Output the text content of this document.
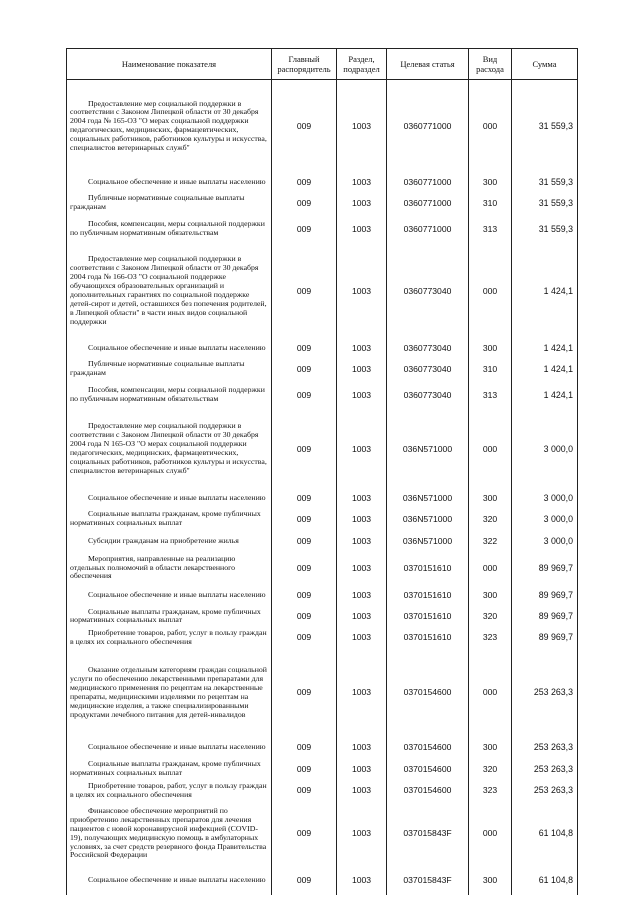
Наименование показателя	Главный распорядитель	Раздел, подраздел	Целевая статья	Вид расхода	Сумма

Предоставление мер социальной поддержки в соответствии с Законом Липецкой области от 30 декабря 2004 года № 165-ОЗ "О мерах социальной поддержки педагогических, медицинских, фармацевтических, социальных работников, работников культуры и искусства, специалистов ветеринарных служб"	009	1003	0360771000	000	31 559,3

Социальное обеспечение и иные выплаты населению	009	1003	0360771000	300	31 559,3

Публичные нормативные социальные выплаты гражданам	009	1003	0360771000	310	31 559,3

Пособия, компенсации, меры социальной поддержки по публичным нормативным обязательствам	009	1003	0360771000	313	31 559,3

Предоставление мер социальной поддержки в соответствии с Законом Липецкой области от 30 декабря 2004 года № 166-ОЗ "О социальной поддержке обучающихся образовательных организаций и дополнительных гарантиях по социальной поддержке детей-сирот и детей, оставшихся без попечения родителей, в Липецкой области" в части иных видов социальной поддержки	009	1003	0360773040	000	1 424,1

Социальное обеспечение и иные выплаты населению	009	1003	0360773040	300	1 424,1

Публичные нормативные социальные выплаты гражданам	009	1003	0360773040	310	1 424,1

Пособия, компенсации, меры социальной поддержки по публичным нормативным обязательствам	009	1003	0360773040	313	1 424,1

Предоставление мер социальной поддержки в соответствии с Законом Липецкой области от 30 декабря 2004 года N 165-ОЗ "О мерах социальной поддержки педагогических, медицинских, фармацевтических, социальных работников, работников культуры и искусства, специалистов ветеринарных служб"	009	1003	036N571000	000	3 000,0

Социальное обеспечение и иные выплаты населению	009	1003	036N571000	300	3 000,0

Социальные выплаты гражданам, кроме публичных нормативных социальных выплат	009	1003	036N571000	320	3 000,0

Субсидии гражданам на приобретение жилья	009	1003	036N571000	322	3 000,0

Мероприятия, направленные на реализацию отдельных полномочий в области лекарственного обеспечения	009	1003	0370151610	000	89 969,7

Социальное обеспечение и иные выплаты населению	009	1003	0370151610	300	89 969,7

Социальные выплаты гражданам, кроме публичных нормативных социальных выплат	009	1003	0370151610	320	89 969,7

Приобретение товаров, работ, услуг в пользу граждан в целях их социального обеспечения	009	1003	0370151610	323	89 969,7

Оказание отдельным категориям граждан социальной услуги по обеспечению лекарственными препаратами для медицинского применения по рецептам на лекарственные препараты, медицинскими изделиями по рецептам на медицинские изделия, а также специализированными продуктами лечебного питания для детей-инвалидов	009	1003	0370154600	000	253 263,3

Социальное обеспечение и иные выплаты населению	009	1003	0370154600	300	253 263,3

Социальные выплаты гражданам, кроме публичных нормативных социальных выплат	009	1003	0370154600	320	253 263,3

Приобретение товаров, работ, услуг в пользу граждан в целях их социального обеспечения	009	1003	0370154600	323	253 263,3

Финансовое обеспечение мероприятий по приобретению лекарственных препаратов для лечения пациентов с новой коронавирусной инфекцией (COVID-19), получающих медицинскую помощь в амбулаторных условиях, за счет средств резервного фонда Правительства Российской Федерации	009	1003	037015843F	000	61 104,8

Социальное обеспечение и иные выплаты населению	009	1003	037015843F	300	61 104,8
